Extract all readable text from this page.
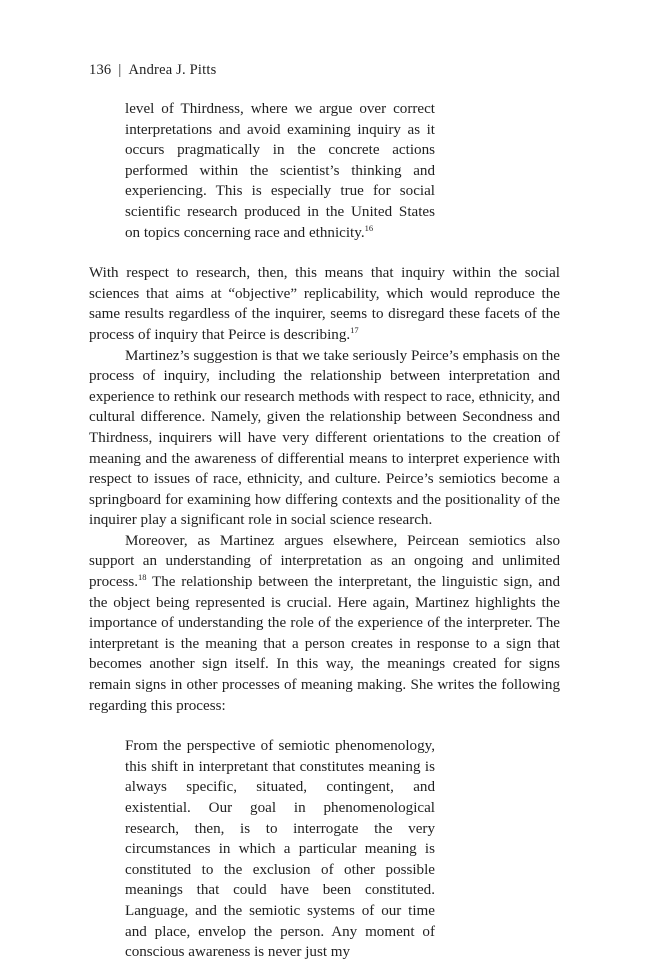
136 | Andrea J. Pitts

level of Thirdness, where we argue over correct interpretations and avoid examining inquiry as it occurs pragmatically in the concrete actions performed within the scientist’s thinking and experiencing. This is especially true for social scientific research produced in the United States on topics concerning race and ethnicity.$^{16}$

With respect to research, then, this means that inquiry within the social sciences that aims at “objective” replicability, which would reproduce the same results regardless of the inquirer, seems to disregard these facets of the process of inquiry that Peirce is describing.$^{17}$

Martinez’s suggestion is that we take seriously Peirce’s emphasis on the process of inquiry, including the relationship between interpretation and experience to rethink our research methods with respect to race, ethnicity, and cultural difference. Namely, given the relationship between Secondness and Thirdness, inquirers will have very different orientations to the creation of meaning and the awareness of differential means to interpret experience with respect to issues of race, ethnicity, and culture. Peirce’s semiotics become a springboard for examining how differing contexts and the positionality of the inquirer play a significant role in social science research.

Moreover, as Martinez argues elsewhere, Peircean semiotics also support an understanding of interpretation as an ongoing and unlimited process.$^{18}$ The relationship between the interpretant, the linguistic sign, and the object being represented is crucial. Here again, Martinez highlights the importance of understanding the role of the experience of the interpreter. The interpretant is the meaning that a person creates in response to a sign that becomes another sign itself. In this way, the meanings created for signs remain signs in other processes of meaning making. She writes the following regarding this process:

From the perspective of semiotic phenomenology, this shift in interpretant that constitutes meaning is always specific, situated, contingent, and existential. Our goal in phenomenological research, then, is to interrogate the very circumstances in which a particular meaning is constituted to the exclusion of other possible meanings that could have been constituted. Language, and the semiotic systems of our time and place, envelop the person. Any moment of conscious awareness is never just my
